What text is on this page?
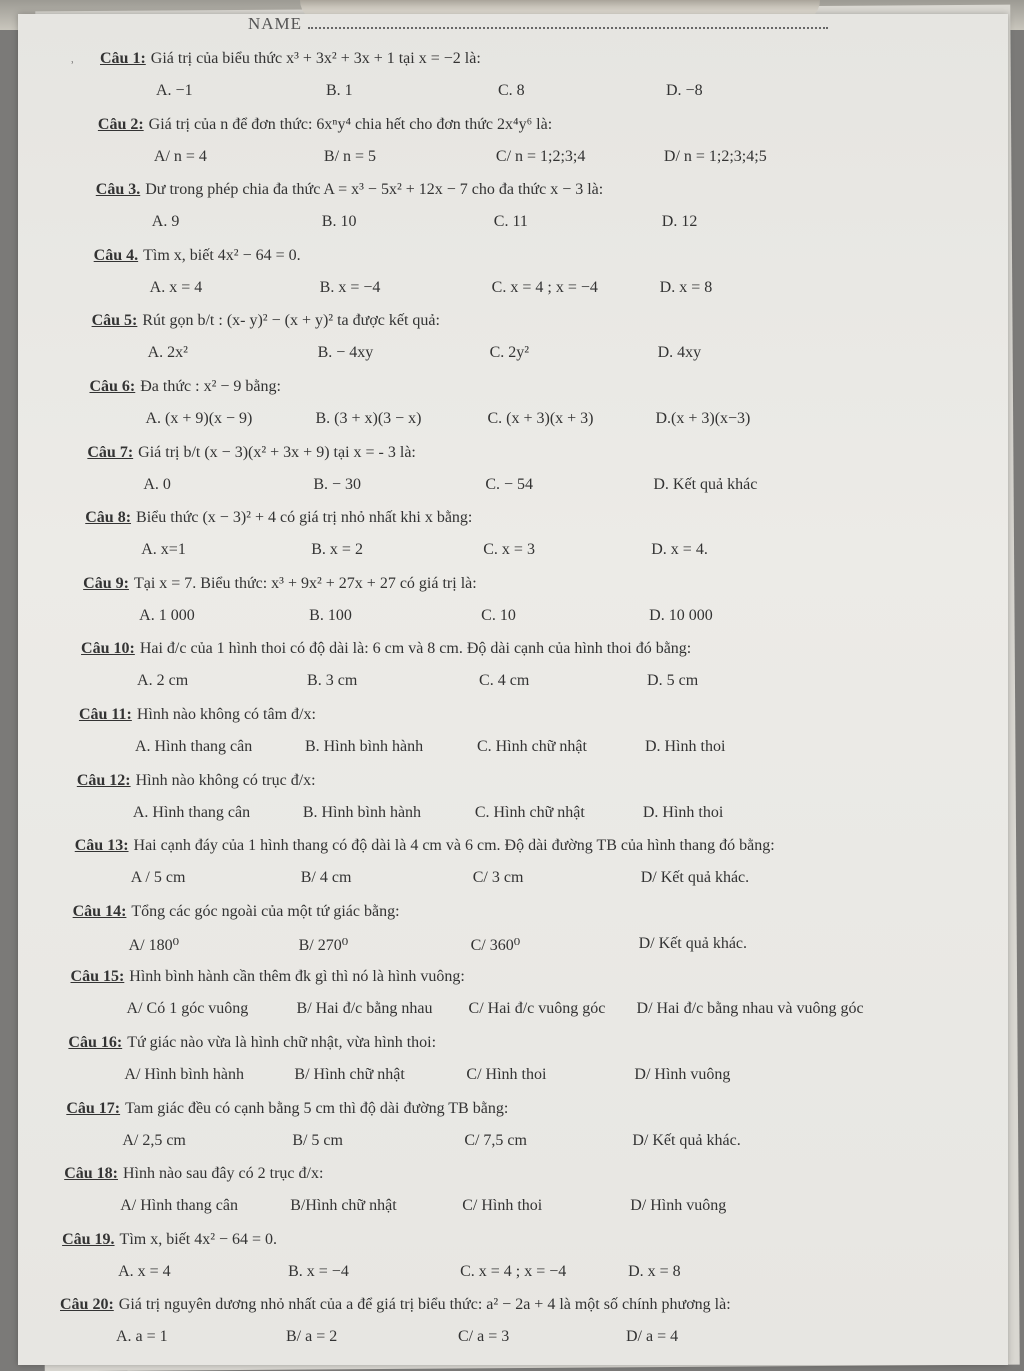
NAME
ʾ
Câu 1: Giá trị của biểu thức x³ + 3x² + 3x + 1 tại x = −2 là:
A. −1	B. 1	C. 8	D. −8
Câu 2: Giá trị của n để đơn thức: 6xⁿy⁴ chia hết cho đơn thức 2x⁴y⁶ là:
A/ n = 4	B/ n = 5	C/ n = 1;2;3;4	D/ n = 1;2;3;4;5
Câu 3. Dư trong phép chia đa thức A = x³ − 5x² + 12x − 7 cho đa thức x − 3 là:
A. 9	B. 10	C. 11	D. 12
Câu 4. Tìm x, biết 4x² − 64 = 0.
A. x = 4	B. x = −4	C. x = 4 ; x = −4	D. x = 8
Câu 5: Rút gọn b/t : (x- y)² − (x + y)² ta được kết quả:
A. 2x²	B. − 4xy	C. 2y²	D. 4xy
Câu 6: Đa thức : x² − 9 bằng:
A. (x + 9)(x − 9)	B. (3 + x)(3 − x)	C. (x + 3)(x + 3)	D.(x + 3)(x−3)
Câu 7: Giá trị b/t (x − 3)(x² + 3x + 9) tại x = - 3 là:
A. 0	B. − 30	C. − 54	D. Kết quả khác
Câu 8: Biểu thức (x − 3)² + 4 có giá trị nhỏ nhất khi x bằng:
A. x=1	B. x = 2	C. x = 3	D. x = 4.
Câu 9: Tại x = 7. Biểu thức: x³ + 9x² + 27x + 27 có giá trị là:
A. 1 000	B. 100	C. 10	D. 10 000
Câu 10: Hai đ/c của 1 hình thoi có độ dài là: 6 cm và 8 cm. Độ dài cạnh của hình thoi đó bằng:
A. 2 cm	B. 3 cm	C. 4 cm	D. 5 cm
Câu 11: Hình nào không có tâm đ/x:
A. Hình thang cân	B. Hình bình hành	C. Hình chữ nhật	D. Hình thoi
Câu 12: Hình nào không có trục đ/x:
A. Hình thang cân	B. Hình bình hành	C. Hình chữ nhật	D. Hình thoi
Câu 13: Hai cạnh đáy của 1 hình thang có độ dài là 4 cm và 6 cm. Độ dài đường TB của hình thang đó bằng:
A / 5 cm	B/ 4 cm	C/ 3 cm	D/ Kết quả khác.
Câu 14: Tổng các góc ngoài của một tứ giác bằng:
A/ 180⁰	B/ 270⁰	C/ 360⁰	D/ Kết quả khác.
Câu 15: Hình bình hành cần thêm đk gì thì nó là hình vuông:
A/ Có 1 góc vuông	B/ Hai đ/c bằng nhau C/ Hai đ/c vuông góc D/ Hai đ/c bằng nhau và vuông góc
Câu 16: Tứ giác nào vừa là hình chữ nhật, vừa hình thoi:
A/ Hình bình hành	B/ Hình chữ nhật	C/ Hình thoi	D/ Hình vuông
Câu 17: Tam giác đều có cạnh bằng 5 cm thì độ dài đường TB bằng:
A/ 2,5 cm	B/ 5 cm	C/ 7,5 cm	D/ Kết quả khác.
Câu 18: Hình nào sau đây có 2 trục đ/x:
A/ Hình thang cân	B/Hình chữ nhật	C/ Hình thoi	D/ Hình vuông
Câu 19. Tìm x, biết 4x² − 64 = 0.
A. x = 4	B. x = −4	C. x = 4 ; x = −4	D. x = 8
Câu 20: Giá trị nguyên dương nhỏ nhất của a để giá trị biểu thức: a² − 2a + 4 là một số chính phương là:
A. a = 1	B/ a = 2	C/ a = 3	D/ a = 4
